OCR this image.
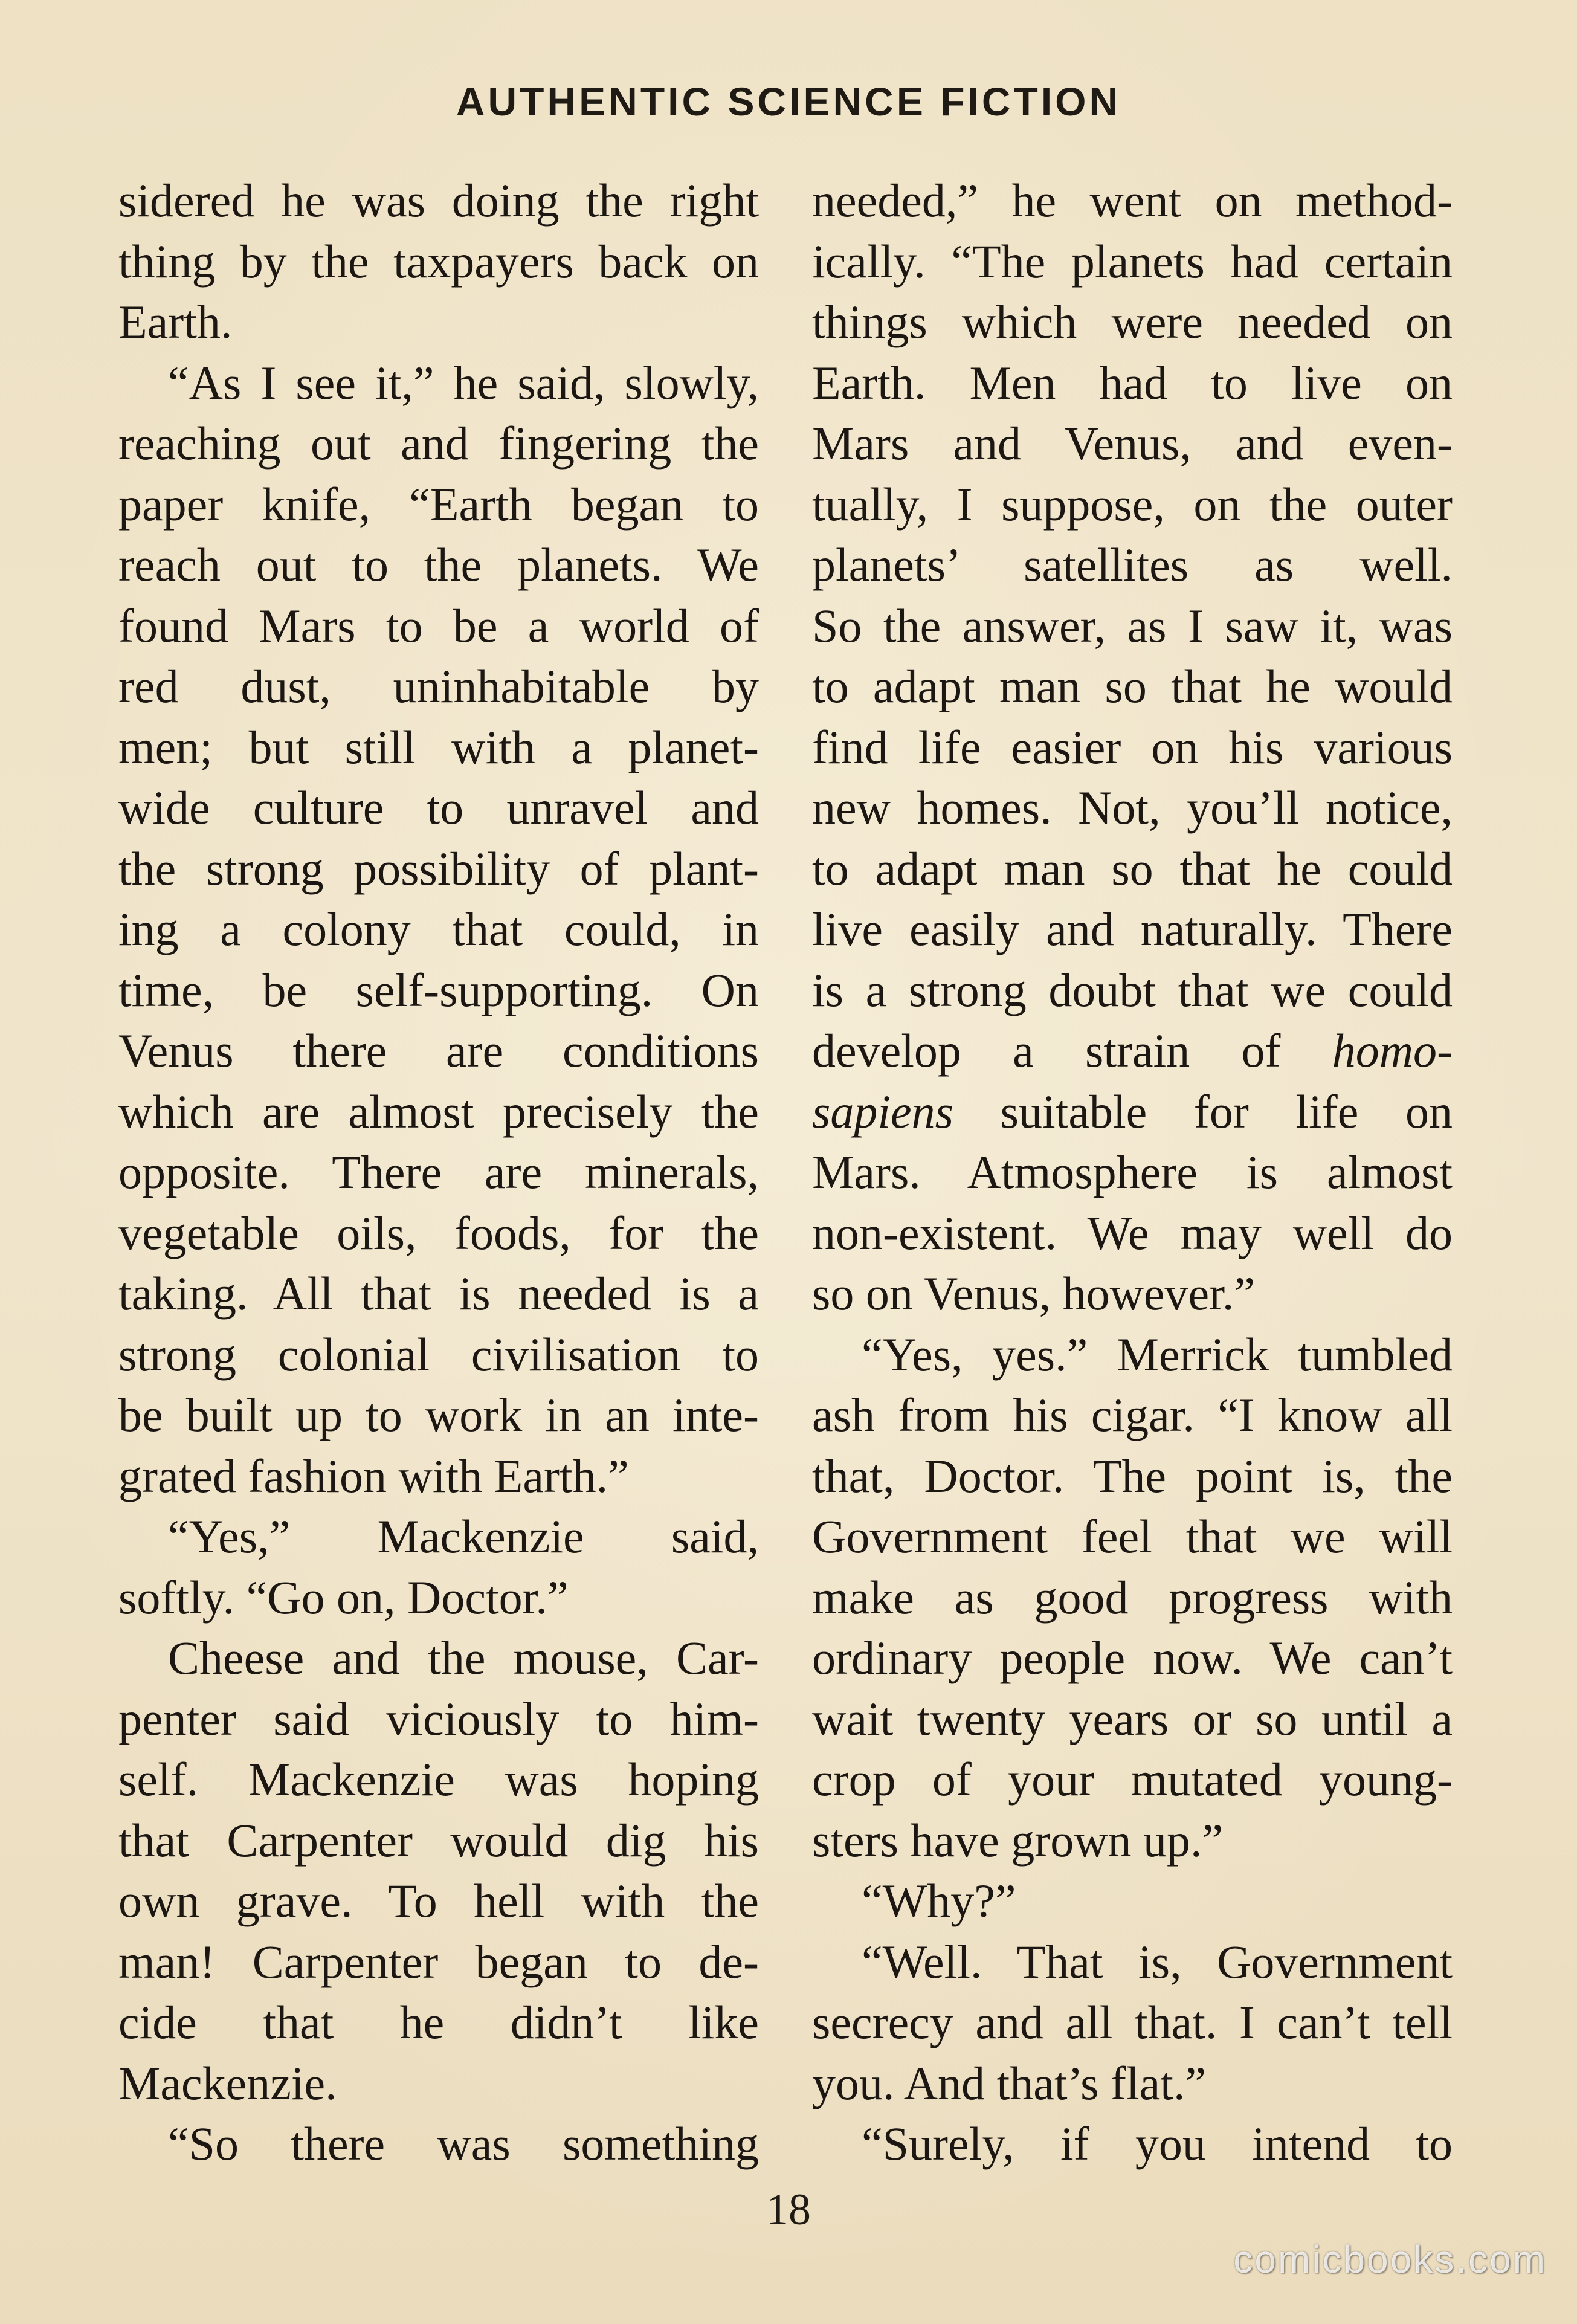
AUTHENTIC SCIENCE FICTION
sidered he was doing the right
thing by the taxpayers back on
Earth.
“As I see it,” he said, slowly,
reaching out and fingering the
paper knife, “Earth began to
reach out to the planets. We
found Mars to be a world of
red dust, uninhabitable by
men; but still with a planet-
wide culture to unravel and
the strong possibility of plant-
ing a colony that could, in
time, be self-supporting. On
Venus there are conditions
which are almost precisely the
opposite. There are minerals,
vegetable oils, foods, for the
taking. All that is needed is a
strong colonial civilisation to
be built up to work in an inte-
grated fashion with Earth.”
“Yes,” Mackenzie said,
softly. “Go on, Doctor.”
Cheese and the mouse, Car-
penter said viciously to him-
self. Mackenzie was hoping
that Carpenter would dig his
own grave. To hell with the
man! Carpenter began to de-
cide that he didn’t like
Mackenzie.
“So there was something
needed,” he went on method-
ically. “The planets had certain
things which were needed on
Earth. Men had to live on
Mars and Venus, and even-
tually, I suppose, on the outer
planets’ satellites as well.
So the answer, as I saw it, was
to adapt man so that he would
find life easier on his various
new homes. Not, you’ll notice,
to adapt man so that he could
live easily and naturally. There
is a strong doubt that we could
develop a strain of homo-
sapiens suitable for life on
Mars. Atmosphere is almost
non-existent. We may well do
so on Venus, however.”
“Yes, yes.” Merrick tumbled
ash from his cigar. “I know all
that, Doctor. The point is, the
Government feel that we will
make as good progress with
ordinary people now. We can’t
wait twenty years or so until a
crop of your mutated young-
sters have grown up.”
“Why?”
“Well. That is, Government
secrecy and all that. I can’t tell
you. And that’s flat.”
“Surely, if you intend to
18
comicbooks.com
